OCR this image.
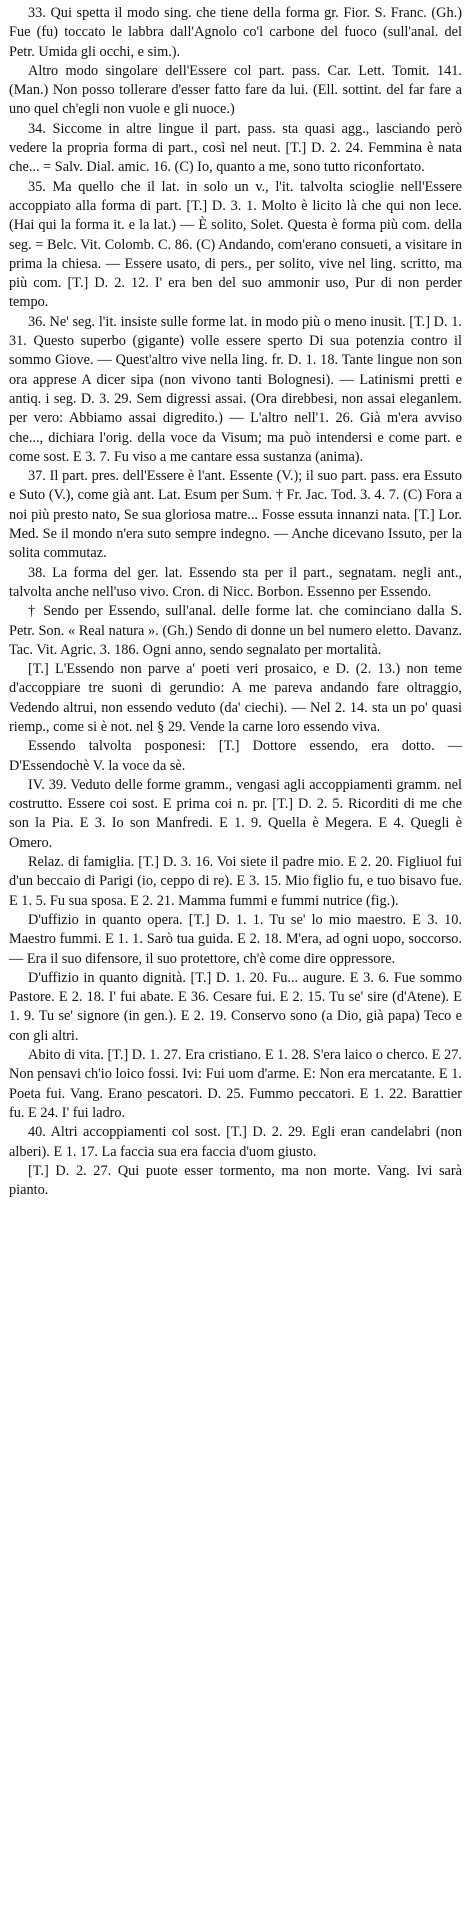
33. Qui spetta il modo sing. che tiene della forma gr. Fior. S. Franc. (Gh.) Fue (fu) toccato le labbra dall'Agnolo co'l carbone del fuoco (sull'anal. del Petr. Umida gli occhi, e sim.).

Altro modo singolare dell'Essere col part. pass. Car. Lett. Tomit. 141. (Man.) Non posso tollerare d'esser fatto fare da lui. (Ell. sottint. del far fare a uno quel ch'egli non vuole e gli nuoce.)

34. Siccome in altre lingue il part. pass. sta quasi agg., lasciando però vedere la propria forma di part., così nel neut. [T.] D. 2. 24. Femmina è nata che... = Salv. Dial. amic. 16. (C) Io, quanto a me, sono tutto riconfortato.

35. Ma quello che il lat. in solo un v., l'it. talvolta scioglie nell'Essere accoppiato alla forma di part. [T.] D. 3. 1. Molto è licito là che qui non lece. (Hai qui la forma it. e la lat.) — È solito, Solet. Questa è forma più com. della seg. = Belc. Vit. Colomb. C. 86. (C) Andando, com'erano consueti, a visitare in prima la chiesa. — Essere usato, di pers., per solito, vive nel ling. scritto, ma più com. [T.] D. 2. 12. I' era ben del suo ammonir uso, Pur di non perder tempo.

36. Ne' seg. l'it. insiste sulle forme lat. in modo più o meno inusit. [T.] D. 1. 31. Questo superbo (gigante) volle essere sperto Di sua potenzia contro il sommo Giove. — Quest'altro vive nella ling. fr. D. 1. 18. Tante lingue non son ora apprese A dicer sipa (non vivono tanti Bolognesi). — Latinismi pretti e antiq. i seg. D. 3. 29. Sem digressi assai. (Ora direbbesi, non assai eleganlem. per vero: Abbiamo assai digredito.) — L'altro nell'1. 26. Già m'era avviso che..., dichiara l'orig. della voce da Visum; ma può intendersi e come part. e come sost. E 3. 7. Fu viso a me cantare essa sustanza (anima).

37. Il part. pres. dell'Essere è l'ant. Essente (V.); il suo part. pass. era Essuto e Suto (V.), come già ant. Lat. Esum per Sum. † Fr. Jac. Tod. 3. 4. 7. (C) Fora a noi più presto nato, Se sua gloriosa matre... Fosse essuta innanzi nata. [T.] Lor. Med. Se il mondo n'era suto sempre indegno. — Anche dicevano Issuto, per la solita commutaz.

38. La forma del ger. lat. Essendo sta per il part., segnatam. negli ant., talvolta anche nell'uso vivo. Cron. di Nicc. Borbon. Essenno per Essendo.

† Sendo per Essendo, sull'anal. delle forme lat. che cominciano dalla S. Petr. Son. « Real natura ». (Gh.) Sendo di donne un bel numero eletto. Davanz. Tac. Vit. Agric. 3. 186. Ogni anno, sendo segnalato per mortalità.

[T.] L'Essendo non parve a' poeti veri prosaico, e D. (2. 13.) non teme d'accoppiare tre suoni di gerundio: A me pareva andando fare oltraggio, Vedendo altrui, non essendo veduto (da' ciechi). — Nel 2. 14. sta un po' quasi riemp., come si è not. nel § 29. Vende la carne loro essendo viva.

Essendo talvolta posponesi: [T.] Dottore essendo, era dotto. — D'Essendochè V. la voce da sè.

IV. 39. Veduto delle forme gramm., vengasi agli accoppiamenti gramm. nel costrutto. Essere coi sost. E prima coi n. pr. [T.] D. 2. 5. Ricorditi di me che son la Pia. E 3. Io son Manfredi. E 1. 9. Quella è Megera. E 4. Quegli è Omero.

Relaz. di famiglia. [T.] D. 3. 16. Voi siete il padre mio. E 2. 20. Figliuol fui d'un beccaio di Parigi (io, ceppo di re). E 3. 15. Mio figlio fu, e tuo bisavo fue. E 1. 5. Fu sua sposa. E 2. 21. Mamma fummi e fummi nutrice (fig.).

D'uffizio in quanto opera. [T.] D. 1. 1. Tu se' lo mio maestro. E 3. 10. Maestro fummi. E 1. 1. Sarò tua guida. E 2. 18. M'era, ad ogni uopo, soccorso. — Era il suo difensore, il suo protettore, ch'è come dire oppressore.

D'uffizio in quanto dignità. [T.] D. 1. 20. Fu... augure. E 3. 6. Fue sommo Pastore. E 2. 18. I' fui abate. E 36. Cesare fui. E 2. 15. Tu se' sire (d'Atene). E 1. 9. Tu se' signore (in gen.). E 2. 19. Conservo sono (a Dio, già papa) Teco e con gli altri.

Abito di vita. [T.] D. 1. 27. Era cristiano. E 1. 28. S'era laico o cherco. E 27. Non pensavi ch'io loico fossi. Ivi: Fui uom d'arme. E: Non era mercatante. E 1. Poeta fui. Vang. Erano pescatori. D. 25. Fummo peccatori. E 1. 22. Barattier fu. E 24. I' fui ladro.

40. Altri accoppiamenti col sost. [T.] D. 2. 29. Egli eran candelabri (non alberi). E 1. 17. La faccia sua era faccia d'uom giusto.

[T.] D. 2. 27. Qui puote esser tormento, ma non morte. Vang. Ivi sarà pianto.
